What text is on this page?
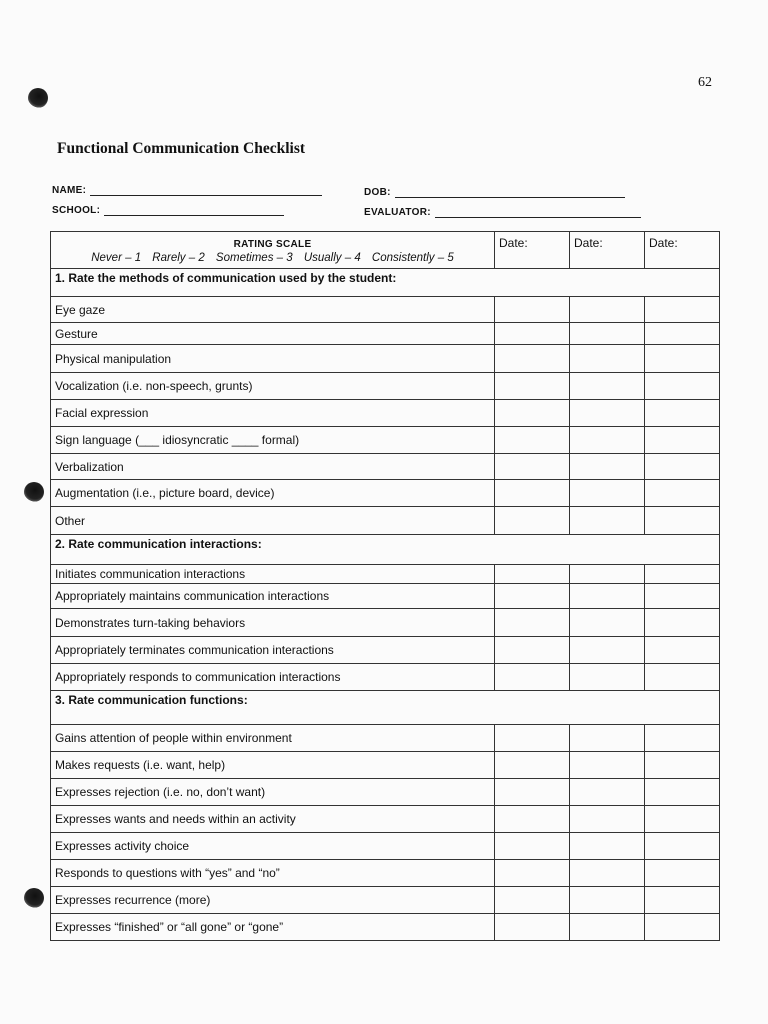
62
Functional Communication Checklist
NAME:	DOB:
SCHOOL:	EVALUATOR:
RATING SCALE
Never – 1 Rarely – 2 Sometimes – 3 Usually – 4 Consistently – 5	Date:	Date:	Date:
1. Rate the methods of communication used by the student:			
Eye gaze			
Gesture			
Physical manipulation			
Vocalization (i.e. non-speech, grunts)			
Facial expression			
Sign language (___ idiosyncratic ____ formal)			
Verbalization			
Augmentation (i.e., picture board, device)			
Other			
2. Rate communication interactions:			
Initiates communication interactions			
Appropriately maintains communication interactions			
Demonstrates turn-taking behaviors			
Appropriately terminates communication interactions			
Appropriately responds to communication interactions			
3. Rate communication functions:			
Gains attention of people within environment			
Makes requests (i.e. want, help)			
Expresses rejection (i.e. no, don’t want)			
Expresses wants and needs within an activity			
Expresses activity choice			
Responds to questions with “yes” and “no”			
Expresses recurrence (more)			
Expresses “finished” or “all gone” or “gone”			
